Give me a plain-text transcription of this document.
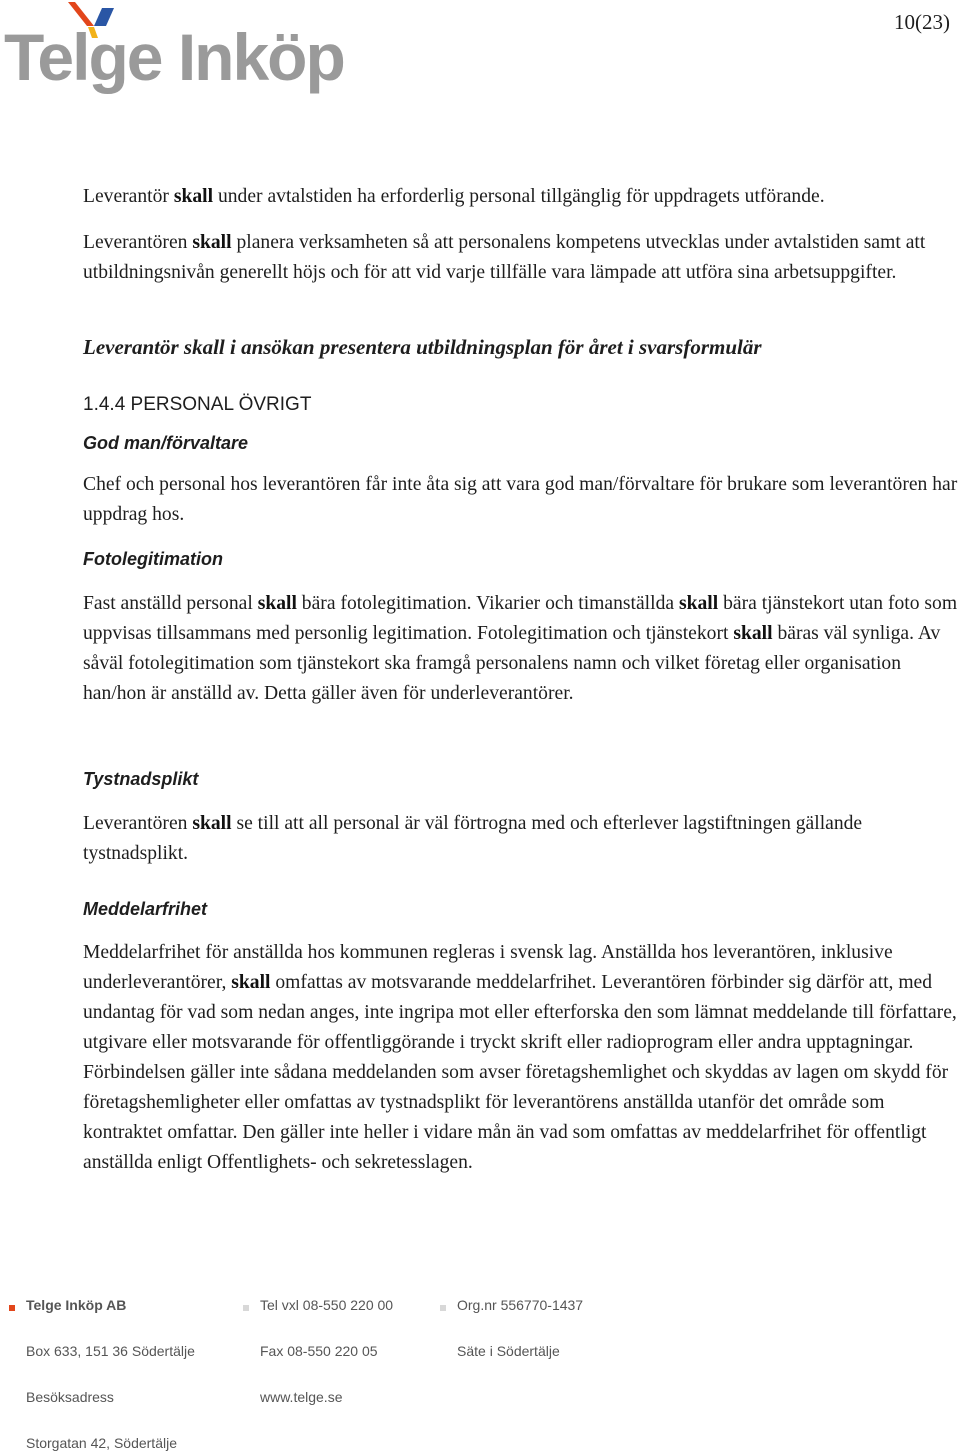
Telge Inköp	10(23)

Leverantör skall under avtalstiden ha erforderlig personal tillgänglig för uppdragets utförande.

Leverantören skall planera verksamheten så att personalens kompetens utvecklas under avtalstiden samt att utbildningsnivån generellt höjs och för att vid varje tillfälle vara lämpade att utföra sina arbetsuppgifter.

Leverantör skall i ansökan presentera utbildningsplan för året i svarsformulär

1.4.4 PERSONAL ÖVRIGT

God man/förvaltare

Chef och personal hos leverantören får inte åta sig att vara god man/förvaltare för brukare som leverantören har uppdrag hos.

Fotolegitimation

Fast anställd personal skall bära fotolegitimation. Vikarier och timanställda skall bära tjänstekort utan foto som uppvisas tillsammans med personlig legitimation. Fotolegitimation och tjänstekort skall bäras väl synliga. Av såväl fotolegitimation som tjänstekort ska framgå personalens namn och vilket företag eller organisation han/hon är anställd av. Detta gäller även för underleverantörer.

Tystnadsplikt

Leverantören skall se till att all personal är väl förtrogna med och efterlever lagstiftningen gällande tystnadsplikt.

Meddelarfrihet

Meddelarfrihet för anställda hos kommunen regleras i svensk lag. Anställda hos leverantören, inklusive underleverantörer, skall omfattas av motsvarande meddelarfrihet. Leverantören förbinder sig därför att, med undantag för vad som nedan anges, inte ingripa mot eller efterforska den som lämnat meddelande till författare, utgivare eller motsvarande för offentliggörande i tryckt skrift eller radioprogram eller andra upptagningar. Förbindelsen gäller inte sådana meddelanden som avser företagshemlighet och skyddas av lagen om skydd för företagshemligheter eller omfattas av tystnadsplikt för leverantörens anställda utanför det område som kontraktet omfattar. Den gäller inte heller i vidare mån än vad som omfattas av meddelarfrihet för offentligt anställda enligt Offentlighets- och sekretesslagen.

Telge Inköp AB	Tel vxl 08-550 220 00	Org.nr 556770-1437
Box 633, 151 36 Södertälje	Fax 08-550 220 05	Säte i Södertälje
Besöksadress	www.telge.se
Storgatan 42, Södertälje
